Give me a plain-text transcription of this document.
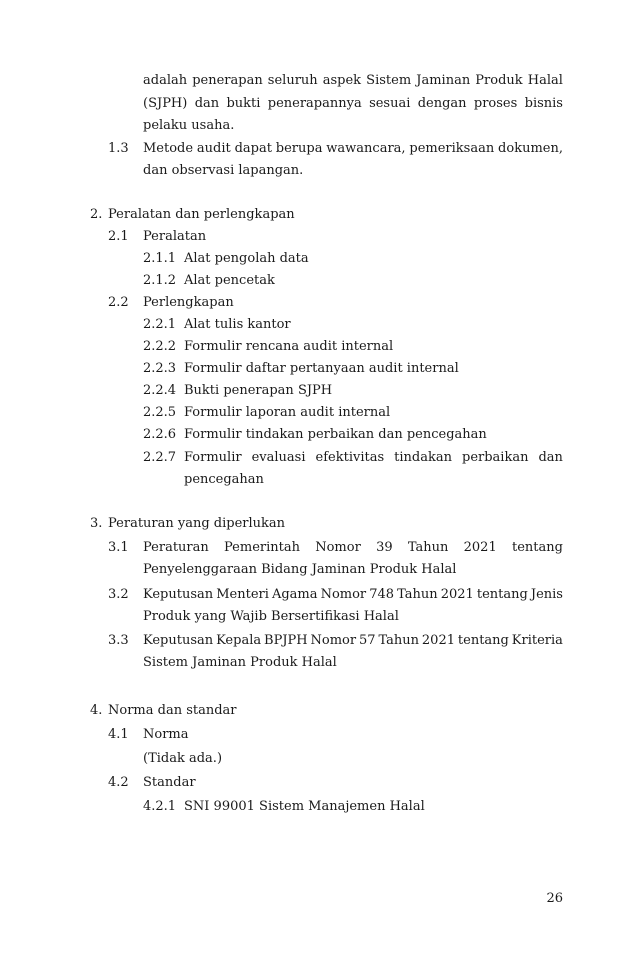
adalah penerapan seluruh aspek Sistem Jaminan Produk Halal
(SJPH) dan bukti penerapannya sesuai dengan proses bisnis
pelaku usaha.
1.3 Metode audit dapat berupa wawancara, pemeriksaan dokumen,
dan observasi lapangan.
2. Peralatan dan perlengkapan
2.1 Peralatan
2.1.1 Alat pengolah data
2.1.2 Alat pencetak
2.2 Perlengkapan
2.2.1 Alat tulis kantor
2.2.2 Formulir rencana audit internal
2.2.3 Formulir daftar pertanyaan audit internal
2.2.4 Bukti penerapan SJPH
2.2.5 Formulir laporan audit internal
2.2.6 Formulir tindakan perbaikan dan pencegahan
2.2.7 Formulir evaluasi efektivitas tindakan perbaikan dan
pencegahan
3. Peraturan yang diperlukan
3.1 Peraturan Pemerintah Nomor 39 Tahun 2021 tentang
Penyelenggaraan Bidang Jaminan Produk Halal
3.2 Keputusan Menteri Agama Nomor 748 Tahun 2021 tentang Jenis
Produk yang Wajib Bersertifikasi Halal
3.3 Keputusan Kepala BPJPH Nomor 57 Tahun 2021 tentang Kriteria
Sistem Jaminan Produk Halal
4. Norma dan standar
4.1 Norma
(Tidak ada.)
4.2 Standar
4.2.1 SNI 99001 Sistem Manajemen Halal
26
